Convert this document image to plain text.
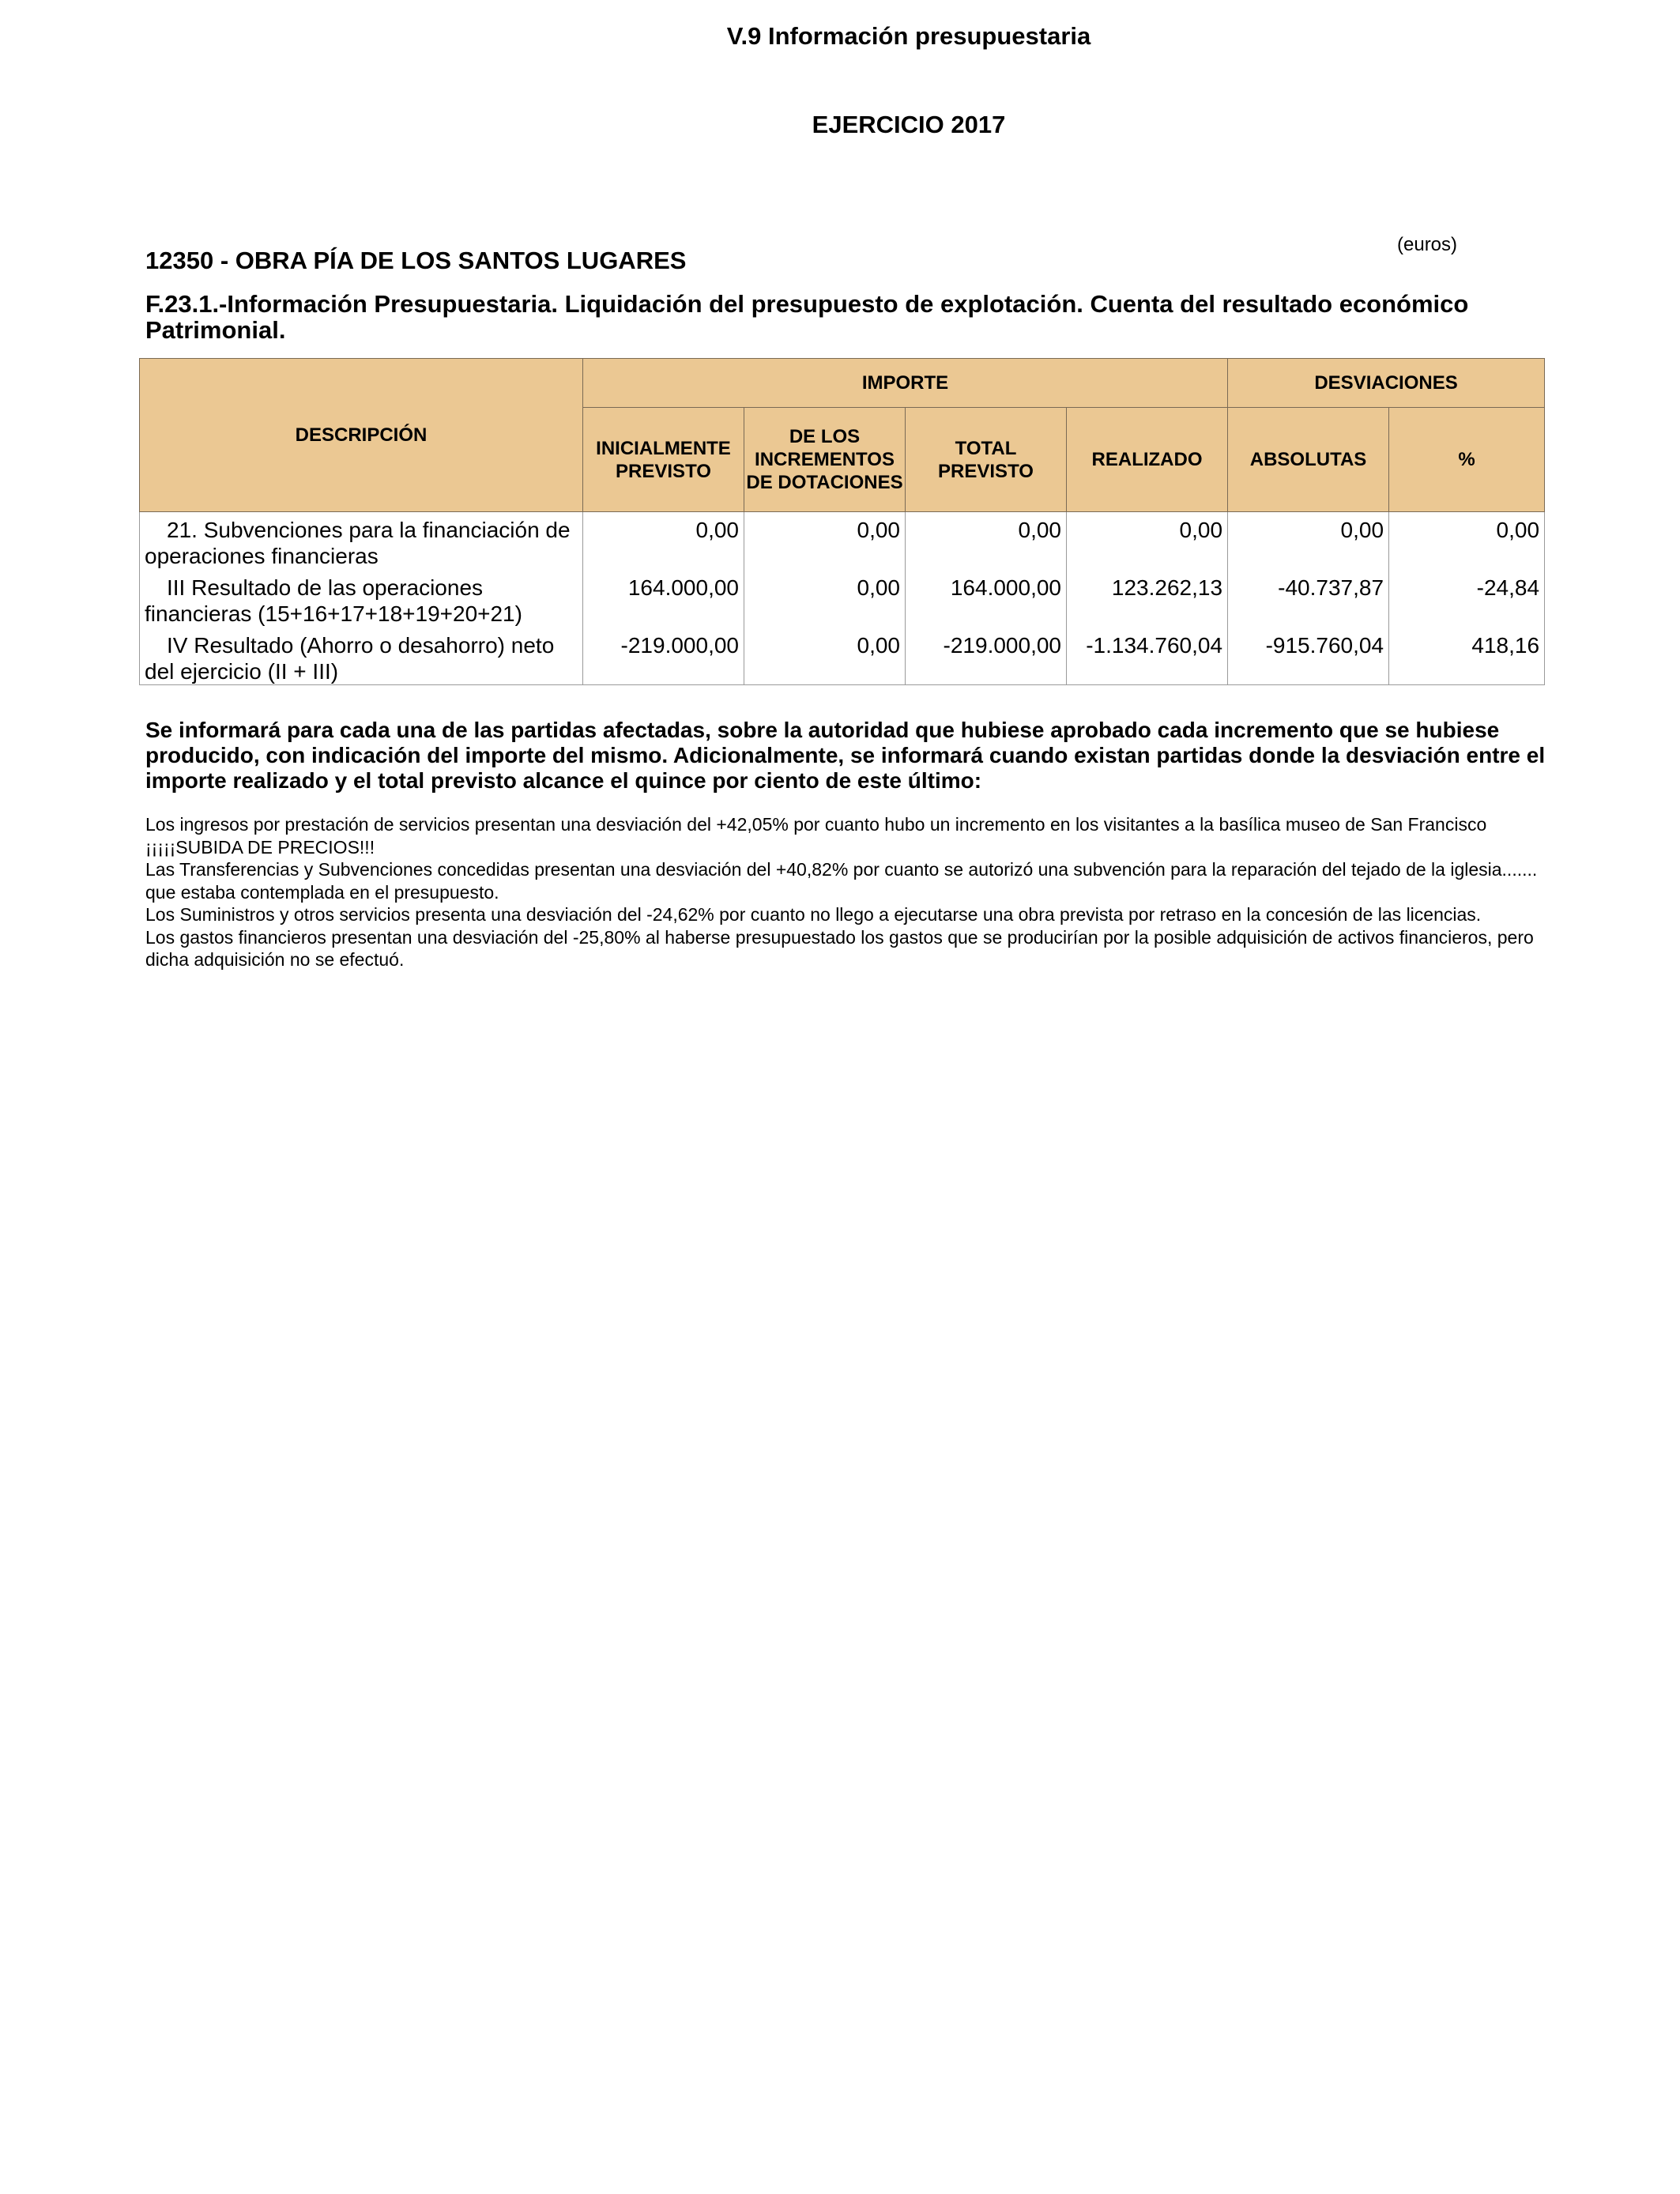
V.9 Información presupuestaria
EJERCICIO 2017
(euros)
12350 - OBRA PÍA DE LOS SANTOS LUGARES
F.23.1.-Información Presupuestaria. Liquidación del presupuesto de explotación. Cuenta del resultado económico Patrimonial.
DESCRIPCIÓN	IMPORTE				DESVIACIONES	
	INICIALMENTE PREVISTO	DE LOS INCREMENTOS DE DOTACIONES	TOTAL PREVISTO	REALIZADO	ABSOLUTAS	%
21. Subvenciones para la financiación de operaciones financieras	0,00	0,00	0,00	0,00	0,00	0,00
III Resultado de las operaciones financieras (15+16+17+18+19+20+21)	164.000,00	0,00	164.000,00	123.262,13	-40.737,87	-24,84
IV Resultado (Ahorro o desahorro) neto del ejercicio (II + III)	-219.000,00	0,00	-219.000,00	-1.134.760,04	-915.760,04	418,16
Se informará para cada una de las partidas afectadas, sobre la autoridad que hubiese aprobado cada incremento que se hubiese producido, con indicación del importe del mismo. Adicionalmente, se informará cuando existan partidas donde la desviación entre el importe realizado y el total previsto alcance el quince por ciento de este último:

Los ingresos por prestación de servicios presentan una desviación del +42,05% por cuanto hubo un incremento en los visitantes a la basílica museo de San Francisco ¡¡¡¡¡SUBIDA DE PRECIOS!!!

Las Transferencias y Subvenciones concedidas presentan una desviación del +40,82% por cuanto se autorizó una subvención para la reparación del tejado de la iglesia....... que estaba contemplada en el presupuesto.

Los Suministros y otros servicios presenta una desviación del -24,62% por cuanto no llego a ejecutarse una obra prevista por retraso en la concesión de las licencias.

Los gastos financieros presentan una desviación del -25,80% al haberse presupuestado los gastos que se producirían por la posible adquisición de activos financieros, pero dicha adquisición no se efectuó.
